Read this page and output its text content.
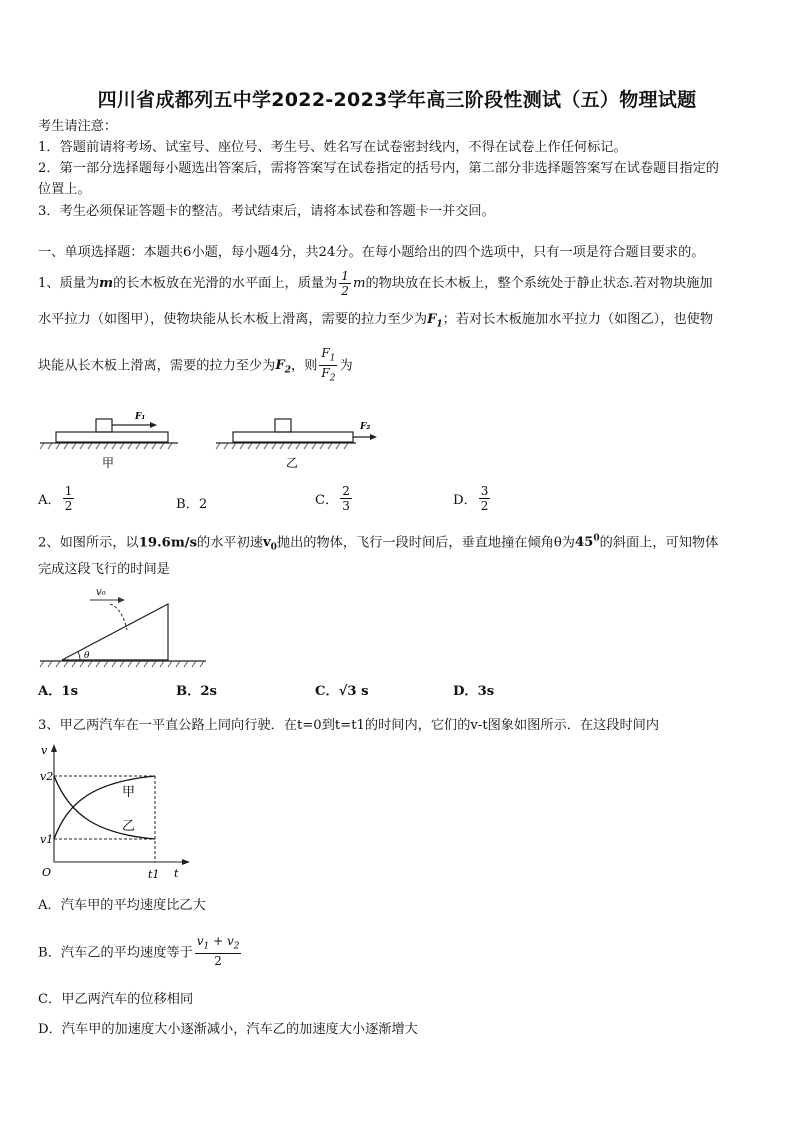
四川省成都列五中学2022-2023学年高三阶段性测试（五）物理试题
考生请注意：
1．答题前请将考场、试室号、座位号、考生号、姓名写在试卷密封线内，不得在试卷上作任何标记。
2．第一部分选择题每小题选出答案后，需将答案写在试卷指定的括号内，第二部分非选择题答案写在试卷题目指定的
位置上。
3．考生必须保证答题卡的整洁。考试结束后，请将本试卷和答题卡一并交回。
一、单项选择题：本题共6小题，每小题4分，共24分。在每小题给出的四个选项中，只有一项是符合题目要求的。
1、质量为m的长木板放在光滑的水平面上，质量为 $\frac{1}{2}$ m的物块放在长木板上，整个系统处于静止状态.若对物块施加
水平拉力（如图甲），使物块能从长木板上滑离，需要的拉力至少为$F_1$；若对长木板施加水平拉力（如图乙），也使物
块能从长木板上滑离，需要的拉力至少为$F_2$，则 $\frac{F_1}{F_2}$ 为
F₁
甲
F₂
乙
A． $\frac{1}{2}$	B．2	C． $\frac{2}{3}$	D． $\frac{3}{2}$
2、如图所示，以19.6m/s的水平初速$v_0$抛出的物体，飞行一段时间后，垂直地撞在倾角θ为$45^0$的斜面上，可知物体
完成这段飞行的时间是
v₀
θ
A．1s	B．2s	C．√3 s	D．3s
3、甲乙两汽车在一平直公路上同向行驶．在t=0到t=t1的时间内，它们的v-t图象如图所示．在这段时间内
v
t
v2
v1
O	t1
甲
乙
A．汽车甲的平均速度比乙大
B．汽车乙的平均速度等于 $\frac{v_1 + v_2}{2}$
C．甲乙两汽车的位移相同
D．汽车甲的加速度大小逐渐减小，汽车乙的加速度大小逐渐增大
